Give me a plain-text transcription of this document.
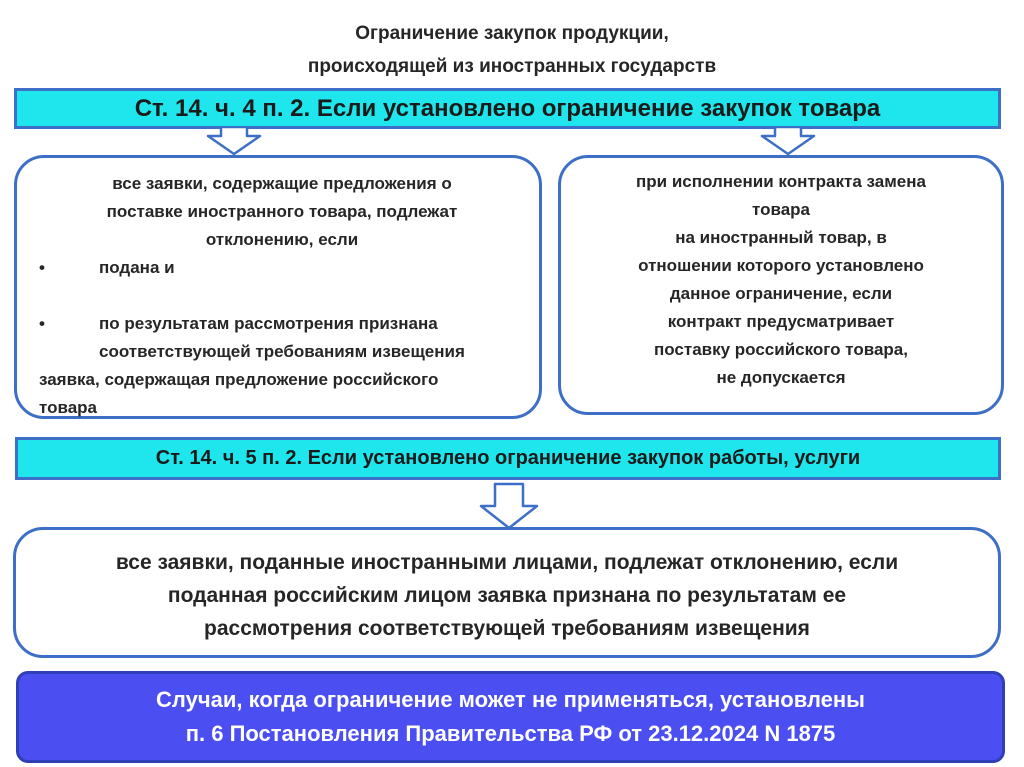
Ограничение закупок продукции,
происходящей из иностранных государств
Ст. 14. ч. 4 п. 2. Если установлено ограничение закупок товара
все заявки, содержащие предложения о
поставке иностранного товара, подлежат
отклонению, если
•	подана и
•	по результатам рассмотрения признана
соответствующей требованиям извещения
заявка, содержащая предложение российского
товара
при исполнении контракта замена
товара
на иностранный товар, в
отношении которого установлено
данное ограничение, если
контракт предусматривает
поставку российского товара,
не допускается
Ст. 14. ч. 5 п. 2. Если установлено ограничение закупок работы, услуги
все заявки, поданные иностранными лицами, подлежат отклонению, если
поданная российским лицом заявка признана по результатам ее
рассмотрения соответствующей требованиям извещения
Случаи, когда ограничение может не применяться, установлены
п. 6 Постановления Правительства РФ от 23.12.2024 N 1875
